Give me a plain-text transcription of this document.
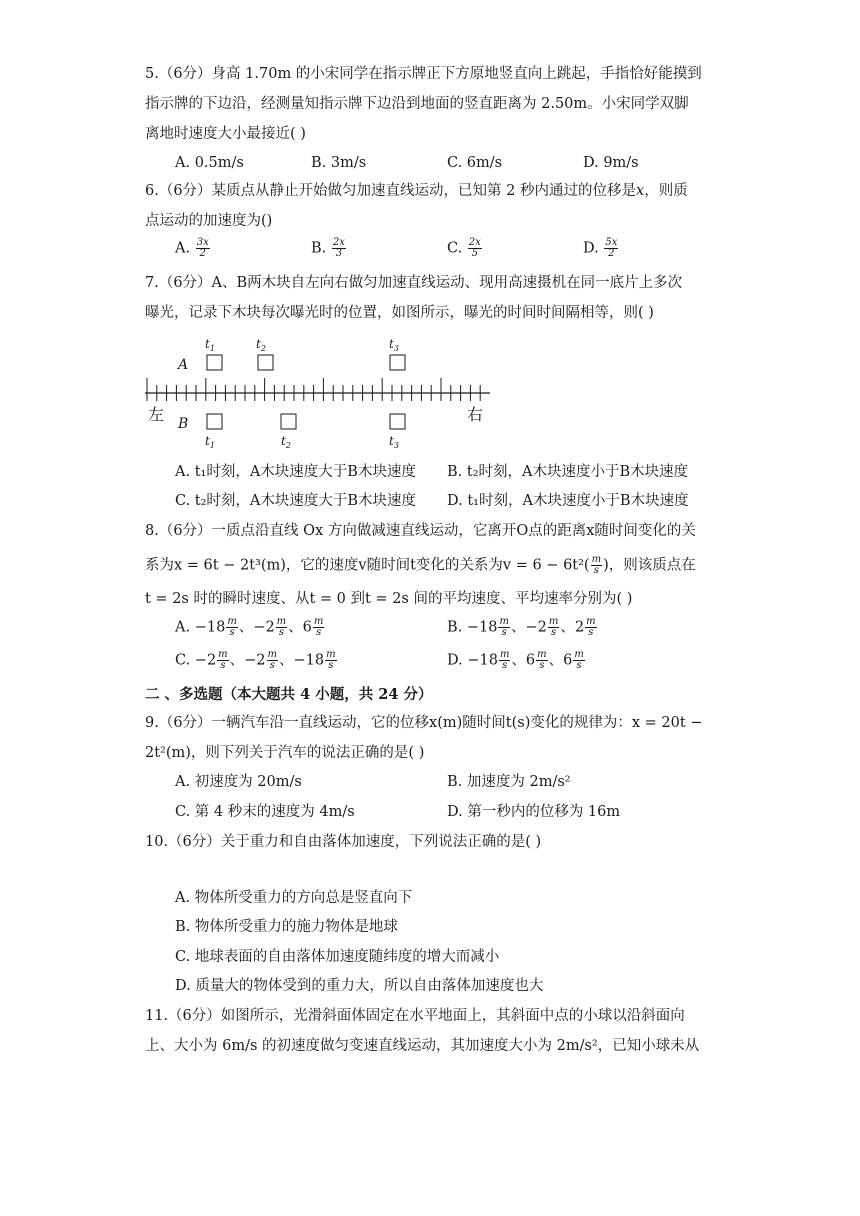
5.（6分）身高 1.70m 的小宋同学在指示牌正下方原地竖直向上跳起，手指恰好能摸到
指示牌的下边沿，经测量知指示牌下边沿到地面的竖直距离为 2.50m。小宋同学双脚
离地时速度大小最接近( )
A. 0.5m/s	B. 3m/s	C. 6m/s	D. 9m/s
6.（6分）某质点从静止开始做匀加速直线运动，已知第 2 秒内通过的位移是x，则质
点运动的加速度为()
A. $\frac{3x}{2}$	B. $\frac{2x}{3}$	C. $\frac{2x}{5}$	D. $\frac{5x}{2}$
7.（6分）A、B两木块自左向右做匀加速直线运动、现用高速摄机在同一底片上多次
曝光，记录下木块每次曝光时的位置，如图所示，曝光的时间时间隔相等，则( )
A
$t_1$	$t_2$	$t_3$
左	右
B
$t_1$	$t_2$	$t_3$
A. t₁时刻，A木块速度大于B木块速度 B. t₂时刻，A木块速度小于B木块速度
C. t₂时刻，A木块速度大于B木块速度 D. t₁时刻，A木块速度小于B木块速度
8.（6分）一质点沿直线 Ox 方向做减速直线运动，它离开O点的距离x随时间变化的关
系为x = 6t − 2t³(m)，它的速度v随时间t变化的关系为$v = 6 - 6t^2( \frac{m}{s}$ )，则该质点在
t = 2s 时的瞬时速度、从t = 0 到t = 2s 间的平均速度、平均速率分别为( )
A. $-18 \frac{m}{s}$ 、$-2 \frac{m}{s}$ 、$6 \frac{m}{s}$	B. $-18 \frac{m}{s}$ 、$-2 \frac{m}{s}$ 、$2 \frac{m}{s}$
C. $-2 \frac{m}{s}$ 、$-2 \frac{m}{s}$ 、$-18 \frac{m}{s}$	D. $-18 \frac{m}{s}$ 、$6 \frac{m}{s}$ 、$6 \frac{m}{s}$
二 、多选题（本大题共 4 小题，共 24 分）
9.（6分）一辆汽车沿一直线运动，它的位移x(m)随时间t(s)变化的规律为：x = 20t −
2t²(m)，则下列关于汽车的说法正确的是( )
A. 初速度为 20m/s	B. 加速度为 2m/s²
C. 第 4 秒末的速度为 4m/s	D. 第一秒内的位移为 16m
10.（6分）关于重力和自由落体加速度，下列说法正确的是( )
A. 物体所受重力的方向总是竖直向下
B. 物体所受重力的施力物体是地球
C. 地球表面的自由落体加速度随纬度的增大而减小
D. 质量大的物体受到的重力大，所以自由落体加速度也大
11.（6分）如图所示，光滑斜面体固定在水平地面上，其斜面中点的小球以沿斜面向
上、大小为 6m/s 的初速度做匀变速直线运动，其加速度大小为 2m/s²，已知小球未从
